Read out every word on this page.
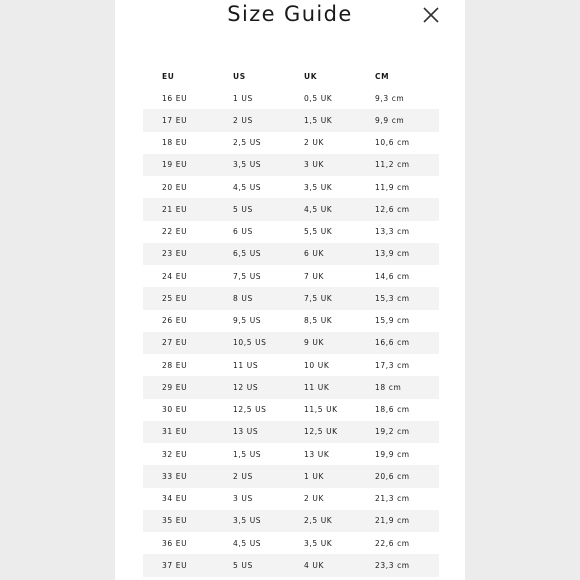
Size Guide
EU	US	UK	CM
16 EU	1 US	0,5 UK	9,3 cm
17 EU	2 US	1,5 UK	9,9 cm
18 EU	2,5 US	2 UK	10,6 cm
19 EU	3,5 US	3 UK	11,2 cm
20 EU	4,5 US	3,5 UK	11,9 cm
21 EU	5 US	4,5 UK	12,6 cm
22 EU	6 US	5,5 UK	13,3 cm
23 EU	6,5 US	6 UK	13,9 cm
24 EU	7,5 US	7 UK	14,6 cm
25 EU	8 US	7,5 UK	15,3 cm
26 EU	9,5 US	8,5 UK	15,9 cm
27 EU	10,5 US	9 UK	16,6 cm
28 EU	11 US	10 UK	17,3 cm
29 EU	12 US	11 UK	18 cm
30 EU	12,5 US	11,5 UK	18,6 cm
31 EU	13 US	12,5 UK	19,2 cm
32 EU	1,5 US	13 UK	19,9 cm
33 EU	2 US	1 UK	20,6 cm
34 EU	3 US	2 UK	21,3 cm
35 EU	3,5 US	2,5 UK	21,9 cm
36 EU	4,5 US	3,5 UK	22,6 cm
37 EU	5 US	4 UK	23,3 cm
